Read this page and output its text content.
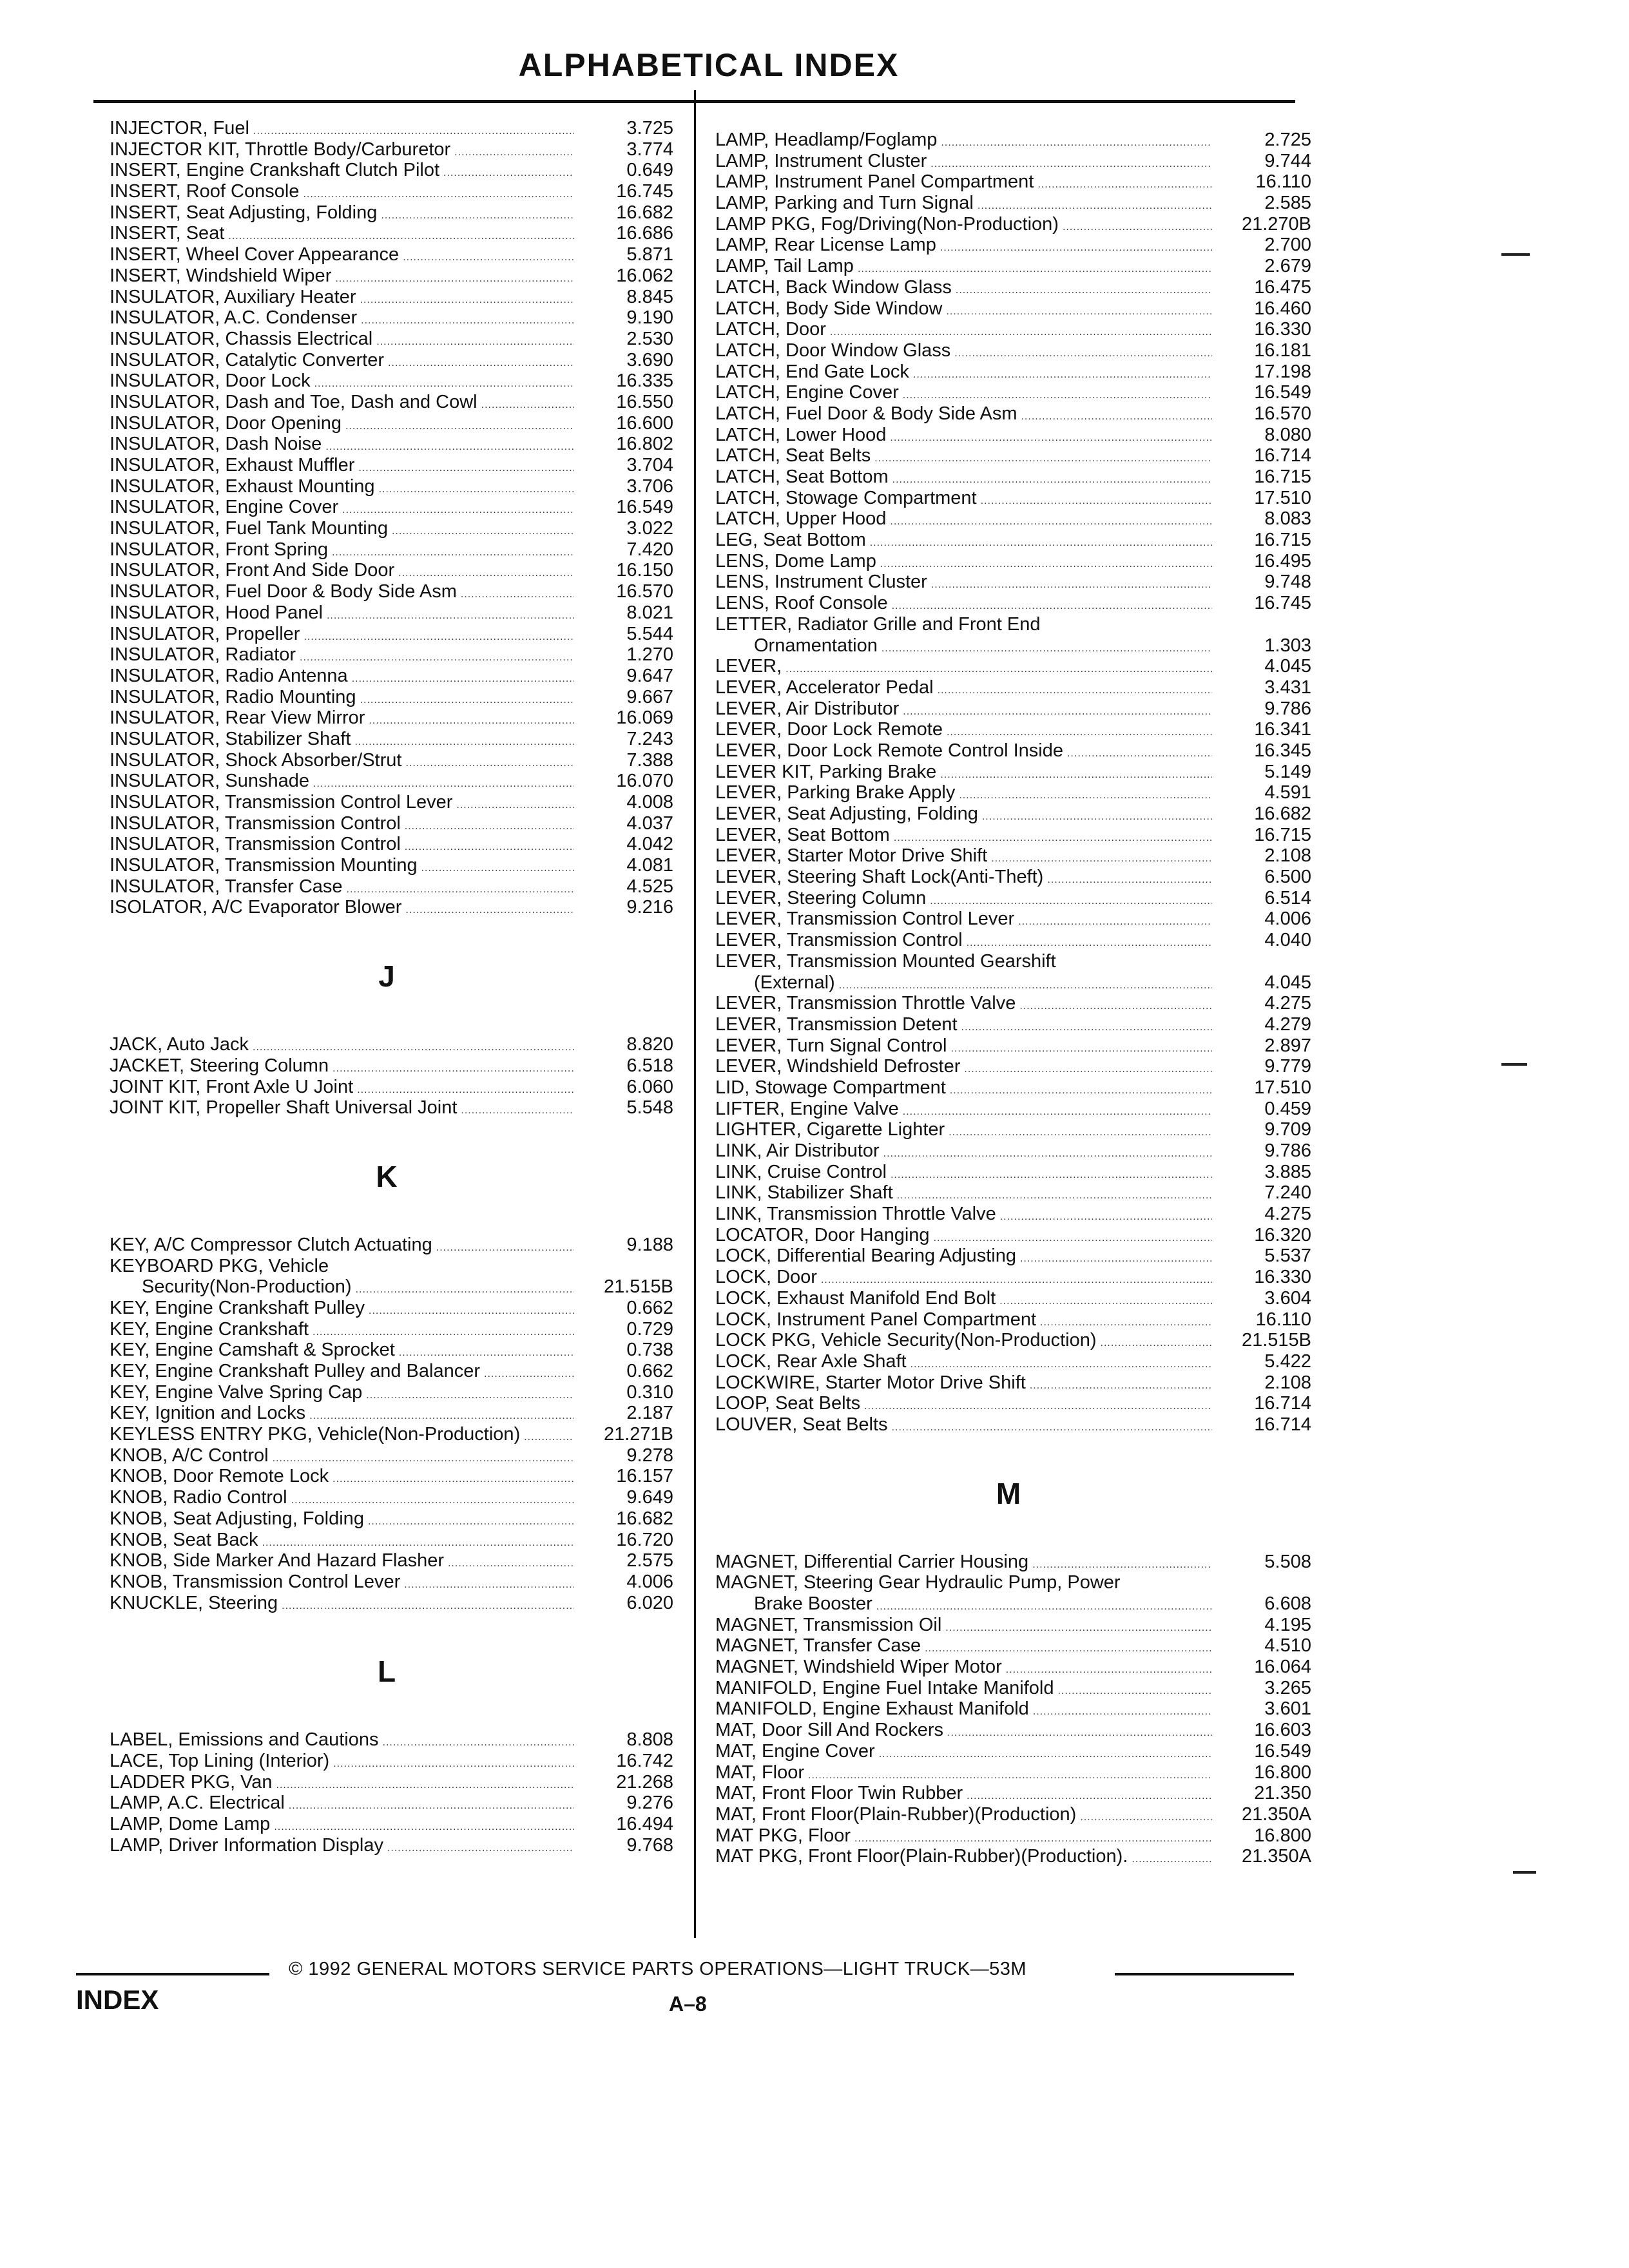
ALPHABETICAL INDEX
INJECTOR, Fuel .....	3.725
INJECTOR KIT, Throttle Body/Carburetor .....	3.774
INSERT, Engine Crankshaft Clutch Pilot .....	0.649
INSERT, Roof Console .....	16.745
INSERT, Seat Adjusting, Folding .....	16.682
INSERT, Seat .....	16.686
INSERT, Wheel Cover Appearance .....	5.871
INSERT, Windshield Wiper .....	16.062
INSULATOR, Auxiliary Heater .....	8.845
INSULATOR, A.C. Condenser .....	9.190
INSULATOR, Chassis Electrical .....	2.530
INSULATOR, Catalytic Converter .....	3.690
INSULATOR, Door Lock .....	16.335
INSULATOR, Dash and Toe, Dash and Cowl .....	16.550
INSULATOR, Door Opening .....	16.600
INSULATOR, Dash Noise .....	16.802
INSULATOR, Exhaust Muffler .....	3.704
INSULATOR, Exhaust Mounting .....	3.706
INSULATOR, Engine Cover .....	16.549
INSULATOR, Fuel Tank Mounting .....	3.022
INSULATOR, Front Spring .....	7.420
INSULATOR, Front And Side Door .....	16.150
INSULATOR, Fuel Door & Body Side Asm .....	16.570
INSULATOR, Hood Panel .....	8.021
INSULATOR, Propeller .....	5.544
INSULATOR, Radiator .....	1.270
INSULATOR, Radio Antenna .....	9.647
INSULATOR, Radio Mounting .....	9.667
INSULATOR, Rear View Mirror .....	16.069
INSULATOR, Stabilizer Shaft .....	7.243
INSULATOR, Shock Absorber/Strut .....	7.388
INSULATOR, Sunshade .....	16.070
INSULATOR, Transmission Control Lever .....	4.008
INSULATOR, Transmission Control .....	4.037
INSULATOR, Transmission Control .....	4.042
INSULATOR, Transmission Mounting .....	4.081
INSULATOR, Transfer Case .....	4.525
ISOLATOR, A/C Evaporator Blower .....	9.216
J
JACK, Auto Jack .....	8.820
JACKET, Steering Column .....	6.518
JOINT KIT, Front Axle U Joint .....	6.060
JOINT KIT, Propeller Shaft Universal Joint .....	5.548
K
KEY, A/C Compressor Clutch Actuating .....	9.188
KEYBOARD PKG, Vehicle
Security(Non-Production) .....	21.515B
KEY, Engine Crankshaft Pulley .....	0.662
KEY, Engine Crankshaft .....	0.729
KEY, Engine Camshaft & Sprocket .....	0.738
KEY, Engine Crankshaft Pulley and Balancer .....	0.662
KEY, Engine Valve Spring Cap .....	0.310
KEY, Ignition and Locks .....	2.187
KEYLESS ENTRY PKG, Vehicle(Non-Production) .....	21.271B
KNOB, A/C Control .....	9.278
KNOB, Door Remote Lock .....	16.157
KNOB, Radio Control .....	9.649
KNOB, Seat Adjusting, Folding .....	16.682
KNOB, Seat Back .....	16.720
KNOB, Side Marker And Hazard Flasher .....	2.575
KNOB, Transmission Control Lever .....	4.006
KNUCKLE, Steering .....	6.020
L
LABEL, Emissions and Cautions .....	8.808
LACE, Top Lining (Interior) .....	16.742
LADDER PKG, Van .....	21.268
LAMP, A.C. Electrical .....	9.276
LAMP, Dome Lamp .....	16.494
LAMP, Driver Information Display .....	9.768
LAMP, Headlamp/Foglamp .....	2.725
LAMP, Instrument Cluster .....	9.744
LAMP, Instrument Panel Compartment .....	16.110
LAMP, Parking and Turn Signal .....	2.585
LAMP PKG, Fog/Driving(Non-Production) .....	21.270B
LAMP, Rear License Lamp .....	2.700
LAMP, Tail Lamp .....	2.679
LATCH, Back Window Glass .....	16.475
LATCH, Body Side Window .....	16.460
LATCH, Door .....	16.330
LATCH, Door Window Glass .....	16.181
LATCH, End Gate Lock .....	17.198
LATCH, Engine Cover .....	16.549
LATCH, Fuel Door & Body Side Asm .....	16.570
LATCH, Lower Hood .....	8.080
LATCH, Seat Belts .....	16.714
LATCH, Seat Bottom .....	16.715
LATCH, Stowage Compartment .....	17.510
LATCH, Upper Hood .....	8.083
LEG, Seat Bottom .....	16.715
LENS, Dome Lamp .....	16.495
LENS, Instrument Cluster .....	9.748
LENS, Roof Console .....	16.745
LETTER, Radiator Grille and Front End
Ornamentation .....	1.303
LEVER, .....	4.045
LEVER, Accelerator Pedal .....	3.431
LEVER, Air Distributor .....	9.786
LEVER, Door Lock Remote .....	16.341
LEVER, Door Lock Remote Control Inside .....	16.345
LEVER KIT, Parking Brake .....	5.149
LEVER, Parking Brake Apply .....	4.591
LEVER, Seat Adjusting, Folding .....	16.682
LEVER, Seat Bottom .....	16.715
LEVER, Starter Motor Drive Shift .....	2.108
LEVER, Steering Shaft Lock(Anti-Theft) .....	6.500
LEVER, Steering Column .....	6.514
LEVER, Transmission Control Lever .....	4.006
LEVER, Transmission Control .....	4.040
LEVER, Transmission Mounted Gearshift
(External) .....	4.045
LEVER, Transmission Throttle Valve .....	4.275
LEVER, Transmission Detent .....	4.279
LEVER, Turn Signal Control .....	2.897
LEVER, Windshield Defroster .....	9.779
LID, Stowage Compartment .....	17.510
LIFTER, Engine Valve .....	0.459
LIGHTER, Cigarette Lighter .....	9.709
LINK, Air Distributor .....	9.786
LINK, Cruise Control .....	3.885
LINK, Stabilizer Shaft .....	7.240
LINK, Transmission Throttle Valve .....	4.275
LOCATOR, Door Hanging .....	16.320
LOCK, Differential Bearing Adjusting .....	5.537
LOCK, Door .....	16.330
LOCK, Exhaust Manifold End Bolt .....	3.604
LOCK, Instrument Panel Compartment .....	16.110
LOCK PKG, Vehicle Security(Non-Production) .....	21.515B
LOCK, Rear Axle Shaft .....	5.422
LOCKWIRE, Starter Motor Drive Shift .....	2.108
LOOP, Seat Belts .....	16.714
LOUVER, Seat Belts .....	16.714
M
MAGNET, Differential Carrier Housing .....	5.508
MAGNET, Steering Gear Hydraulic Pump, Power
Brake Booster .....	6.608
MAGNET, Transmission Oil .....	4.195
MAGNET, Transfer Case .....	4.510
MAGNET, Windshield Wiper Motor .....	16.064
MANIFOLD, Engine Fuel Intake Manifold .....	3.265
MANIFOLD, Engine Exhaust Manifold .....	3.601
MAT, Door Sill And Rockers .....	16.603
MAT, Engine Cover .....	16.549
MAT, Floor .....	16.800
MAT, Front Floor Twin Rubber .....	21.350
MAT, Front Floor(Plain-Rubber)(Production) .....	21.350A
MAT PKG, Floor .....	16.800
MAT PKG, Front Floor(Plain-Rubber)(Production). .....	21.350A
© 1992 GENERAL MOTORS SERVICE PARTS OPERATIONS—LIGHT TRUCK—53M
INDEX	A–8
